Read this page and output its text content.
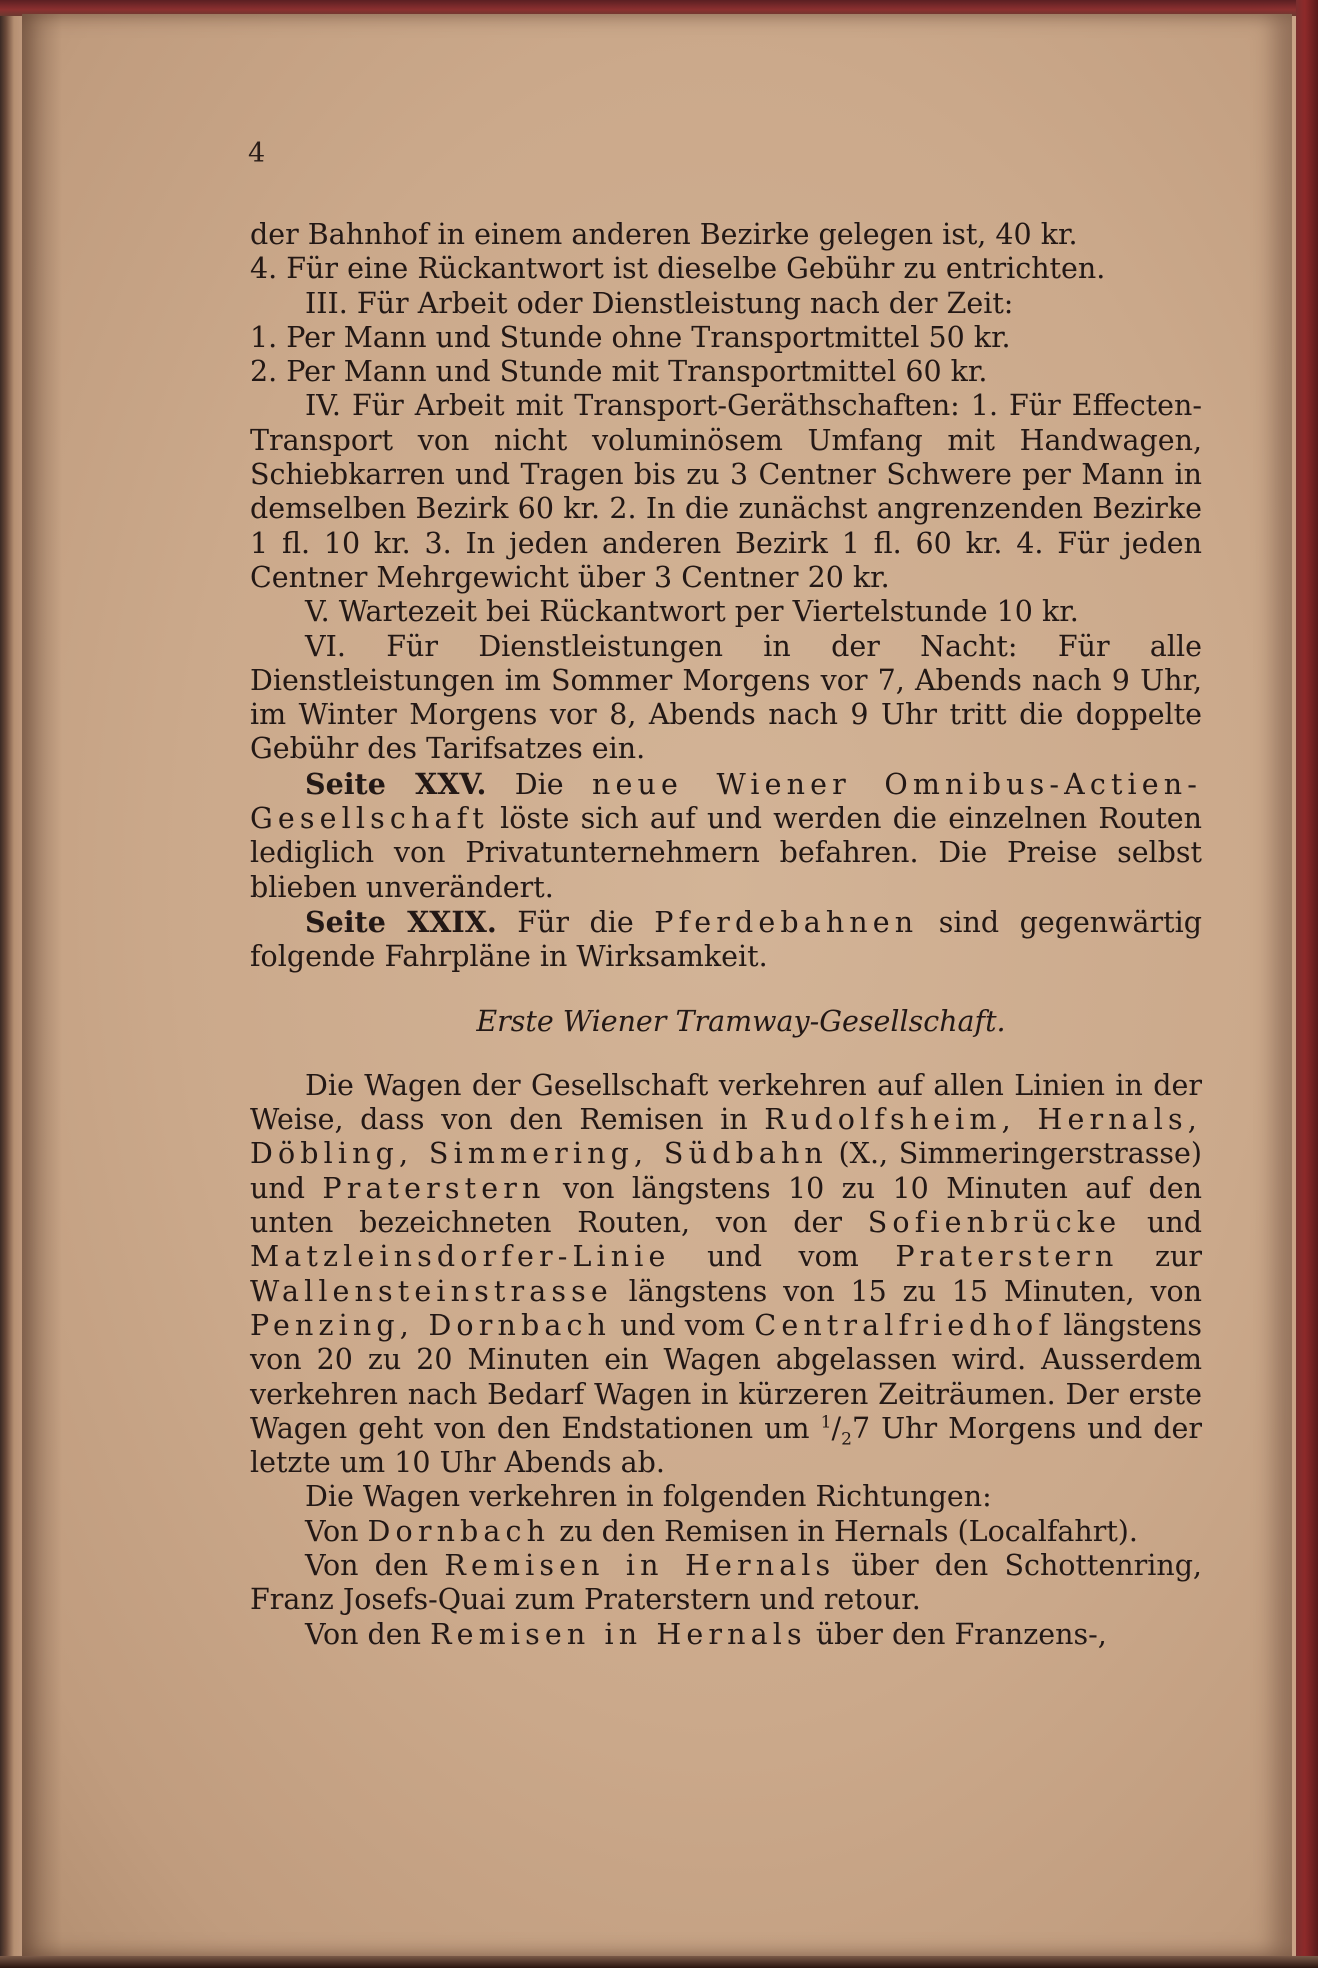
4

der Bahnhof in einem anderen Bezirke gelegen ist, 40 kr.

4. Für eine Rückantwort ist dieselbe Gebühr zu entrichten.

III. Für Arbeit oder Dienstleistung nach der Zeit:

1. Per Mann und Stunde ohne Transportmittel 50 kr.

2. Per Mann und Stunde mit Transportmittel 60 kr.

IV. Für Arbeit mit Transport-Geräthschaften: 1. Für Effecten-Transport von nicht voluminösem Umfang mit Handwagen, Schiebkarren und Tragen bis zu 3 Centner Schwere per Mann in demselben Bezirk 60 kr. 2. In die zunächst angrenzenden Bezirke 1 fl. 10 kr. 3. In jeden anderen Bezirk 1 fl. 60 kr. 4. Für jeden Centner Mehrgewicht über 3 Centner 20 kr.

V. Wartezeit bei Rückantwort per Viertelstunde 10 kr.

VI. Für Dienstleistungen in der Nacht: Für alle Dienstleistungen im Sommer Morgens vor 7, Abends nach 9 Uhr, im Winter Morgens vor 8, Abends nach 9 Uhr tritt die doppelte Gebühr des Tarifsatzes ein.

Seite XXV. Die neue Wiener Omnibus-Actien-Gesellschaft löste sich auf und werden die einzelnen Routen lediglich von Privatunternehmern befahren. Die Preise selbst blieben unverändert.

Seite XXIX. Für die Pferdebahnen sind gegenwärtig folgende Fahrpläne in Wirksamkeit.

Erste Wiener Tramway-Gesellschaft.

Die Wagen der Gesellschaft verkehren auf allen Linien in der Weise, dass von den Remisen in Rudolfsheim, Hernals, Döbling, Simmering, Südbahn (X., Simmeringerstrasse) und Praterstern von längstens 10 zu 10 Minuten auf den unten bezeichneten Routen, von der Sofienbrücke und Matzleinsdorfer-Linie und vom Praterstern zur Wallensteinstrasse längstens von 15 zu 15 Minuten, von Penzing, Dornbach und vom Centralfriedhof längstens von 20 zu 20 Minuten ein Wagen abgelassen wird. Ausserdem verkehren nach Bedarf Wagen in kürzeren Zeiträumen. Der erste Wagen geht von den Endstationen um $^1/_27$ Uhr Morgens und der letzte um 10 Uhr Abends ab.

Die Wagen verkehren in folgenden Richtungen:

Von Dornbach zu den Remisen in Hernals (Localfahrt).

Von den Remisen in Hernals über den Schottenring, Franz Josefs-Quai zum Praterstern und retour.

Von den Remisen in Hernals über den Franzens-,
